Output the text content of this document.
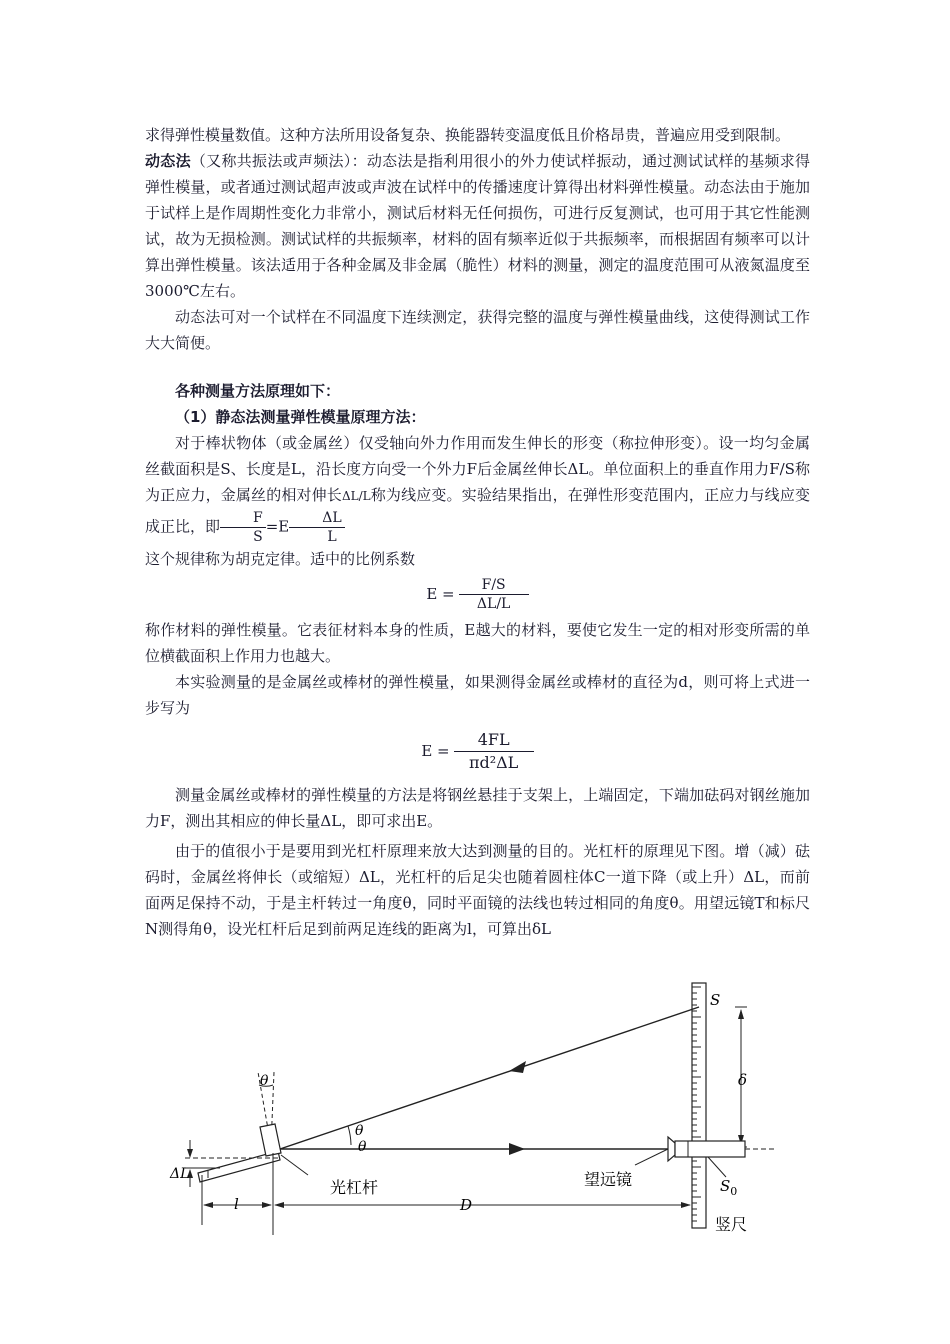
求得弹性模量数值。这种方法所用设备复杂、换能器转变温度低且价格昂贵，普遍应用受到限制。

动态法（又称共振法或声频法）：动态法是指利用很小的外力使试样振动，通过测试试样的基频求得弹性模量，或者通过测试超声波或声波在试样中的传播速度计算得出材料弹性模量。动态法由于施加于试样上是作周期性变化力非常小，测试后材料无任何损伤，可进行反复测试，也可用于其它性能测试，故为无损检测。测试试样的共振频率，材料的固有频率近似于共振频率，而根据固有频率可以计算出弹性模量。该法适用于各种金属及非金属（脆性）材料的测量，测定的温度范围可从液氮温度至3000℃左右。

动态法可对一个试样在不同温度下连续测定，获得完整的温度与弹性模量曲线，这使得测试工作大大简便。

各种测量方法原理如下：

（1）静态法测量弹性模量原理方法：

对于棒状物体（或金属丝）仅受轴向外力作用而发生伸长的形变（称拉伸形变）。设一均匀金属丝截面积是S、长度是L，沿长度方向受一个外力F后金属丝伸长ΔL。单位面积上的垂直作用力F/S称为正应力，金属丝的相对伸长ΔL/L称为线应变。实验结果指出，在弹性形变范围内，正应力与线应变成正比，即 $\frac{F}{S} =E \frac{\Delta L}{L}$

这个规律称为胡克定律。适中的比例系数

$E = \frac{F/S}{\Delta L/L}$

称作材料的弹性模量。它表征材料本身的性质，E越大的材料，要使它发生一定的相对形变所需的单位横截面积上作用力也越大。

本实验测量的是金属丝或棒材的弹性模量，如果测得金属丝或棒材的直径为d，则可将上式进一步写为

$E = \frac{4FL}{\text{πd²ΔL}}$

测量金属丝或棒材的弹性模量的方法是将钢丝悬挂于支架上，上端固定，下端加砝码对钢丝施加力F，测出其相应的伸长量ΔL，即可求出E。

由于的值很小于是要用到光杠杆原理来放大达到测量的目的。光杠杆的原理见下图。增（减）砝码时，金属丝将伸长（或缩短）ΔL，光杠杆的后足尖也随着圆柱体C一道下降（或上升）ΔL，而前面两足保持不动，于是主杆转过一角度θ，同时平面镜的法线也转过相同的角度θ。用望远镜T和标尺N测得角θ，设光杠杆后足到前两足连线的距离为l，可算出δL

δ
θ
θ
θ
ΔL
l	D
光杠杆	望远镜
S
$S_0$
竖尺
